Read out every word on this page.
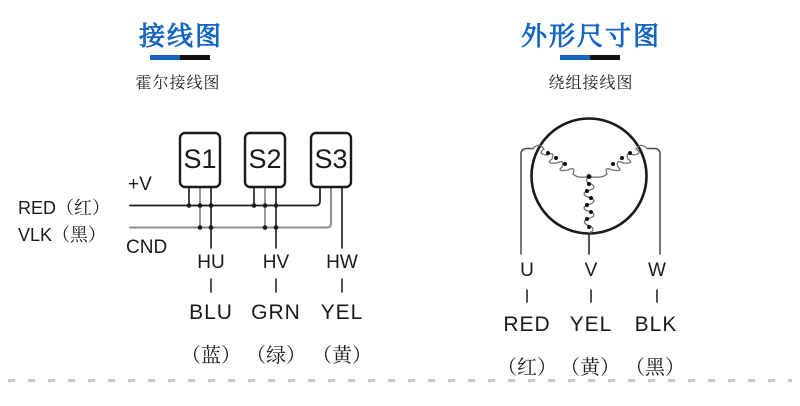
接线图
霍尔接线图
外形尺寸图
绕组接线图
RED（红）
VLK（黑）
+V
CND
S1 S2 S3
HU HV HW
BLU GRN YEL
（蓝） （绿） （黄）
U	V	W
RED YEL BLK
（红） （黄） （黑）
